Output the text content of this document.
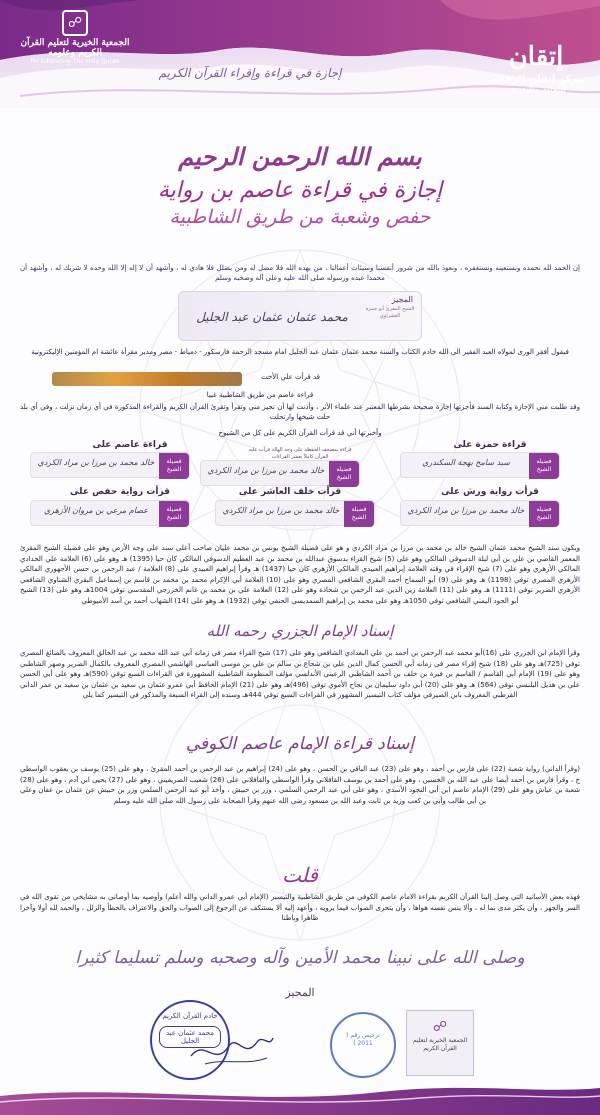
إتقان
مركز إتقان الرقمي
للتعليم والتدريب
☍
الجمعية الخيرية لتعليم القرآن الكريم وعلومه
for Educating The Holy Quran
إجازة في قراءة وإقراء القرآن الكريم
بسم الله الرحمن الرحيم
إجازة في قراءة عاصم بن رواية
حفص وشعبة من طريق الشاطبية
إن الحمد لله نحمده ونستعينه ونستغفره ، ونعوذ بالله من شرور أنفسنا وسيئات أعمالنا ، من يهده الله فلا مضل له ومن يضلل فلا هادي له ، وأشهد أن لا إله إلا الله وحده لا شريك له ، وأشهد أن محمدا عبده ورسوله صلى الله عليه وعلى آله وصحبه وسلم
المجيز
الشيخ المقرئ أبو حمزة العشراوي
محمد عثمان عثمان عبد الجليل
فيقول أفقر الورى لمولاه العبد الفقير الى الله خادم الكتاب والسنة محمد عثمان عثمان عبد الجليل امام مسجد الرحمة فارسكور - دمياط - مصر ومدير مقرأة عائشة ام المؤمنين الإليكترونية
قد قرأت علي الأخت
قراءة عاصم من طريق الشاطبية غيبا
وقد طلبت مني الإجازة وكتابة السند فأجزتها إجازة صحيحة بشرطها المعتبر عند علماء الأثر ، وأذنت لها أن تجيز مني وتقرأ وتقرئ القرآن الكريم والقراءة المذكورة في أي زمان نزلت ، وفي أي بلد حلت شيخها وارتحلت
وأخبرتها أني قد قرأت القرآن الكريم على كل من الشيوخ
قراءة حمزة على
قراءة عاصم على	قراءة بمصحف الحفظة على وجه الهالة قرأت عليه القرآن كاملاً بعشر القراءات
فضيلة الشيخ
سيد سامح بهجة السكندري
فضيلة الشيخ
خالد محمد بن مرزا بن مراد الكردي
فضيلة الشيخ
خالد محمد بن مرزا بن مراد الكردي
قرأت رواية ورش على
قرأت خلف العاشر على
قرأت رواية حفص على
فضيلة الشيخ
خالد محمد بن مرزا بن مراد الكردي
فضيلة الشيخ
خالد محمد بن مرزا بن مراد الكردي
فضيلة الشيخ
عصام مرعي بن مروان الأزهري
ويكون سند الشيخ محمد عثمان الشيخ خالد بن محمد بن مرزا بن مراد الكردي و هو على فضيلة الشيخ يونس بن محمد عليان صاحب أعلى سند على وجه الأرض وهو على فضيلة الشيخ المقرئ المعمر القاضي بن علي بن أبي ليلة الدسوقي المالكي وهو على (5) شيخ القراء بدسوق عبدالله بن محمد بن عبد العظيم الدسوقي المالكي كان حيا (1395) هـ وهو على (6) العلامة علي الحدادي المالكي الأزهري وهو على (7) شيخ الإقراء في وقته العلامة إبراهيم العبيدي المالكي الأزهري كان حيا (1437) هـ وقرأ إبراهيم العبيدي على (8) العلامة / عبد الرحمن بن حسن الأجهوري المالكي الأزهري المصري توفي (1198) هـ وهو على (9) أبو السماح أحمد البقري الشافعي المصري وهو على (10) العلامة أبي الإكرام محمد بن محمد بن قاسم بن إسماعيل البقري الشناوي الشافعي الأزهري الضرير توفي (1111) هـ وهو على (11) العلامة زين الدين عبد الرحمن بن شحاذة وهو على (12) العلامة علي بن محمد بن غانم الخزرجي المقدسي توفي 1004هـ وهو على (13) الشيخ أبو الجود اليمني الشافعي توفي 1050هـ وهو على محمد بن إبراهيم السمديسي الحنفي توفي (1932) هـ وهو على (14) الشهاب أحمد بن أسد الأميوطي
إسناد الإمام الجزري رحمه الله
وقرأ الإمام ابن الجزري على (16)أبو محمد عبد الرحمن بن أحمد بن علي البغدادي الشافعي وهو على (17) شيخ القراء مصر في زمانه أبي عبد الله محمد بن عبد الخالق المعروف بالصائغ المصري توفي (725)هـ وهو على (18) شيخ إقراء مصر في زمانه أبي الحسن كمال الدين علي بن شجاع بن سالم بن علي بن موسى العباسي الهاشمي المصري المعروف بالكمال الضرير وصهر الشاطبي وهو على (19) الإمام أبي القاسم / القاسم بن فيرة بن خلف بن أحمد الشاطبي الرعيني الأندلسي مؤلف المنظومة الشاطبية المشهورة في القراءات السبع توفي (590)هـ وهو على أبي الحسن علي بن هذيل البلنسي توفي (564) هـ وهو على (20) أبي داود سليمان بن نجاح الأموي توفي (496)هـ وهو على (21) الإمام الحافظ أبي عمرو عثمان بن سعيد بن عثمان بن سعيد بن عمر الداني القرطبي المعروف بابن الصيرفي مؤلف كتاب التيسير المشهور في القراءات السبع توفي 444هـ وسنده إلى القراء السبعة والمذكور في التيسير كما يلي
إسناد قراءة الإمام عاصم الكوفي
(وقرأ الداني) رواية شعبة (22) على فارس بن أحمد ، وهو على (23) عبد الباقي بن الحسن ، وهو على (24) إبراهيم بن عبد الرحمن بن أحمد المقرئ ، وهو على (25) يوسف بن يعقوب الواسطي ح ، وقرأ فارس بن أحمد أيضا على عبد الله بن الحسين ، وهو على أحمد بن يوسف القافلاني وقرأ الواسطي والقافلاني على (26) شعيب الصريفيني ، وهو على (27) يحيى ابن آدم ، وهو على (28) شعبة بن عياش وهو على (29) الإمام عاصم ابن أبي النجود الأسدي ، وهو على أبي عبد الرحمن السلمي ، وزر بن حبيش ، وأخذ أبو عبد الرحمن السلمي وزر بن حبيش عن عثمان بن عفان وعلي بن أبي طالب وأبي بن كعب وزيد بن ثابت وعبد الله بن مسعود رضي الله عنهم وقرأ الصحابة على رسول الله صلى الله عليه وسلم
قلت
فهذه بعض الأسانيد التي وصل إلينا القرآن الكريم بقراءة الامام عاصم الكوفي من طريق الشاطبية والتيسير (الإمام أبي عمرو الداني والله أعلم) وأوصيه بما أوصاني به مشايخي من تقوى الله في السر والجهر ، وأن يكثر مدى بما له ، وألا ينس نفسه هواها ، وأن يتحرى الصواب فيما يرويه ، وأعهد إليه ألا يستنكف عن الرجوع إلى الصواب والحق والاعتراف بالخطأ والزلل ، والحمد لله أولا وآخرا ظاهرا وباطنا
وصلى الله على نبينا محمد الأمين وآله وصحبه وسلم تسليما كثيرا
المجيز
خادم القرآن الكريم
محمد عثمان عبد الجليل
ترخيص رقم ( 2011 )
☍
الجمعية الخيرية لتعليم القرآن الكريم
